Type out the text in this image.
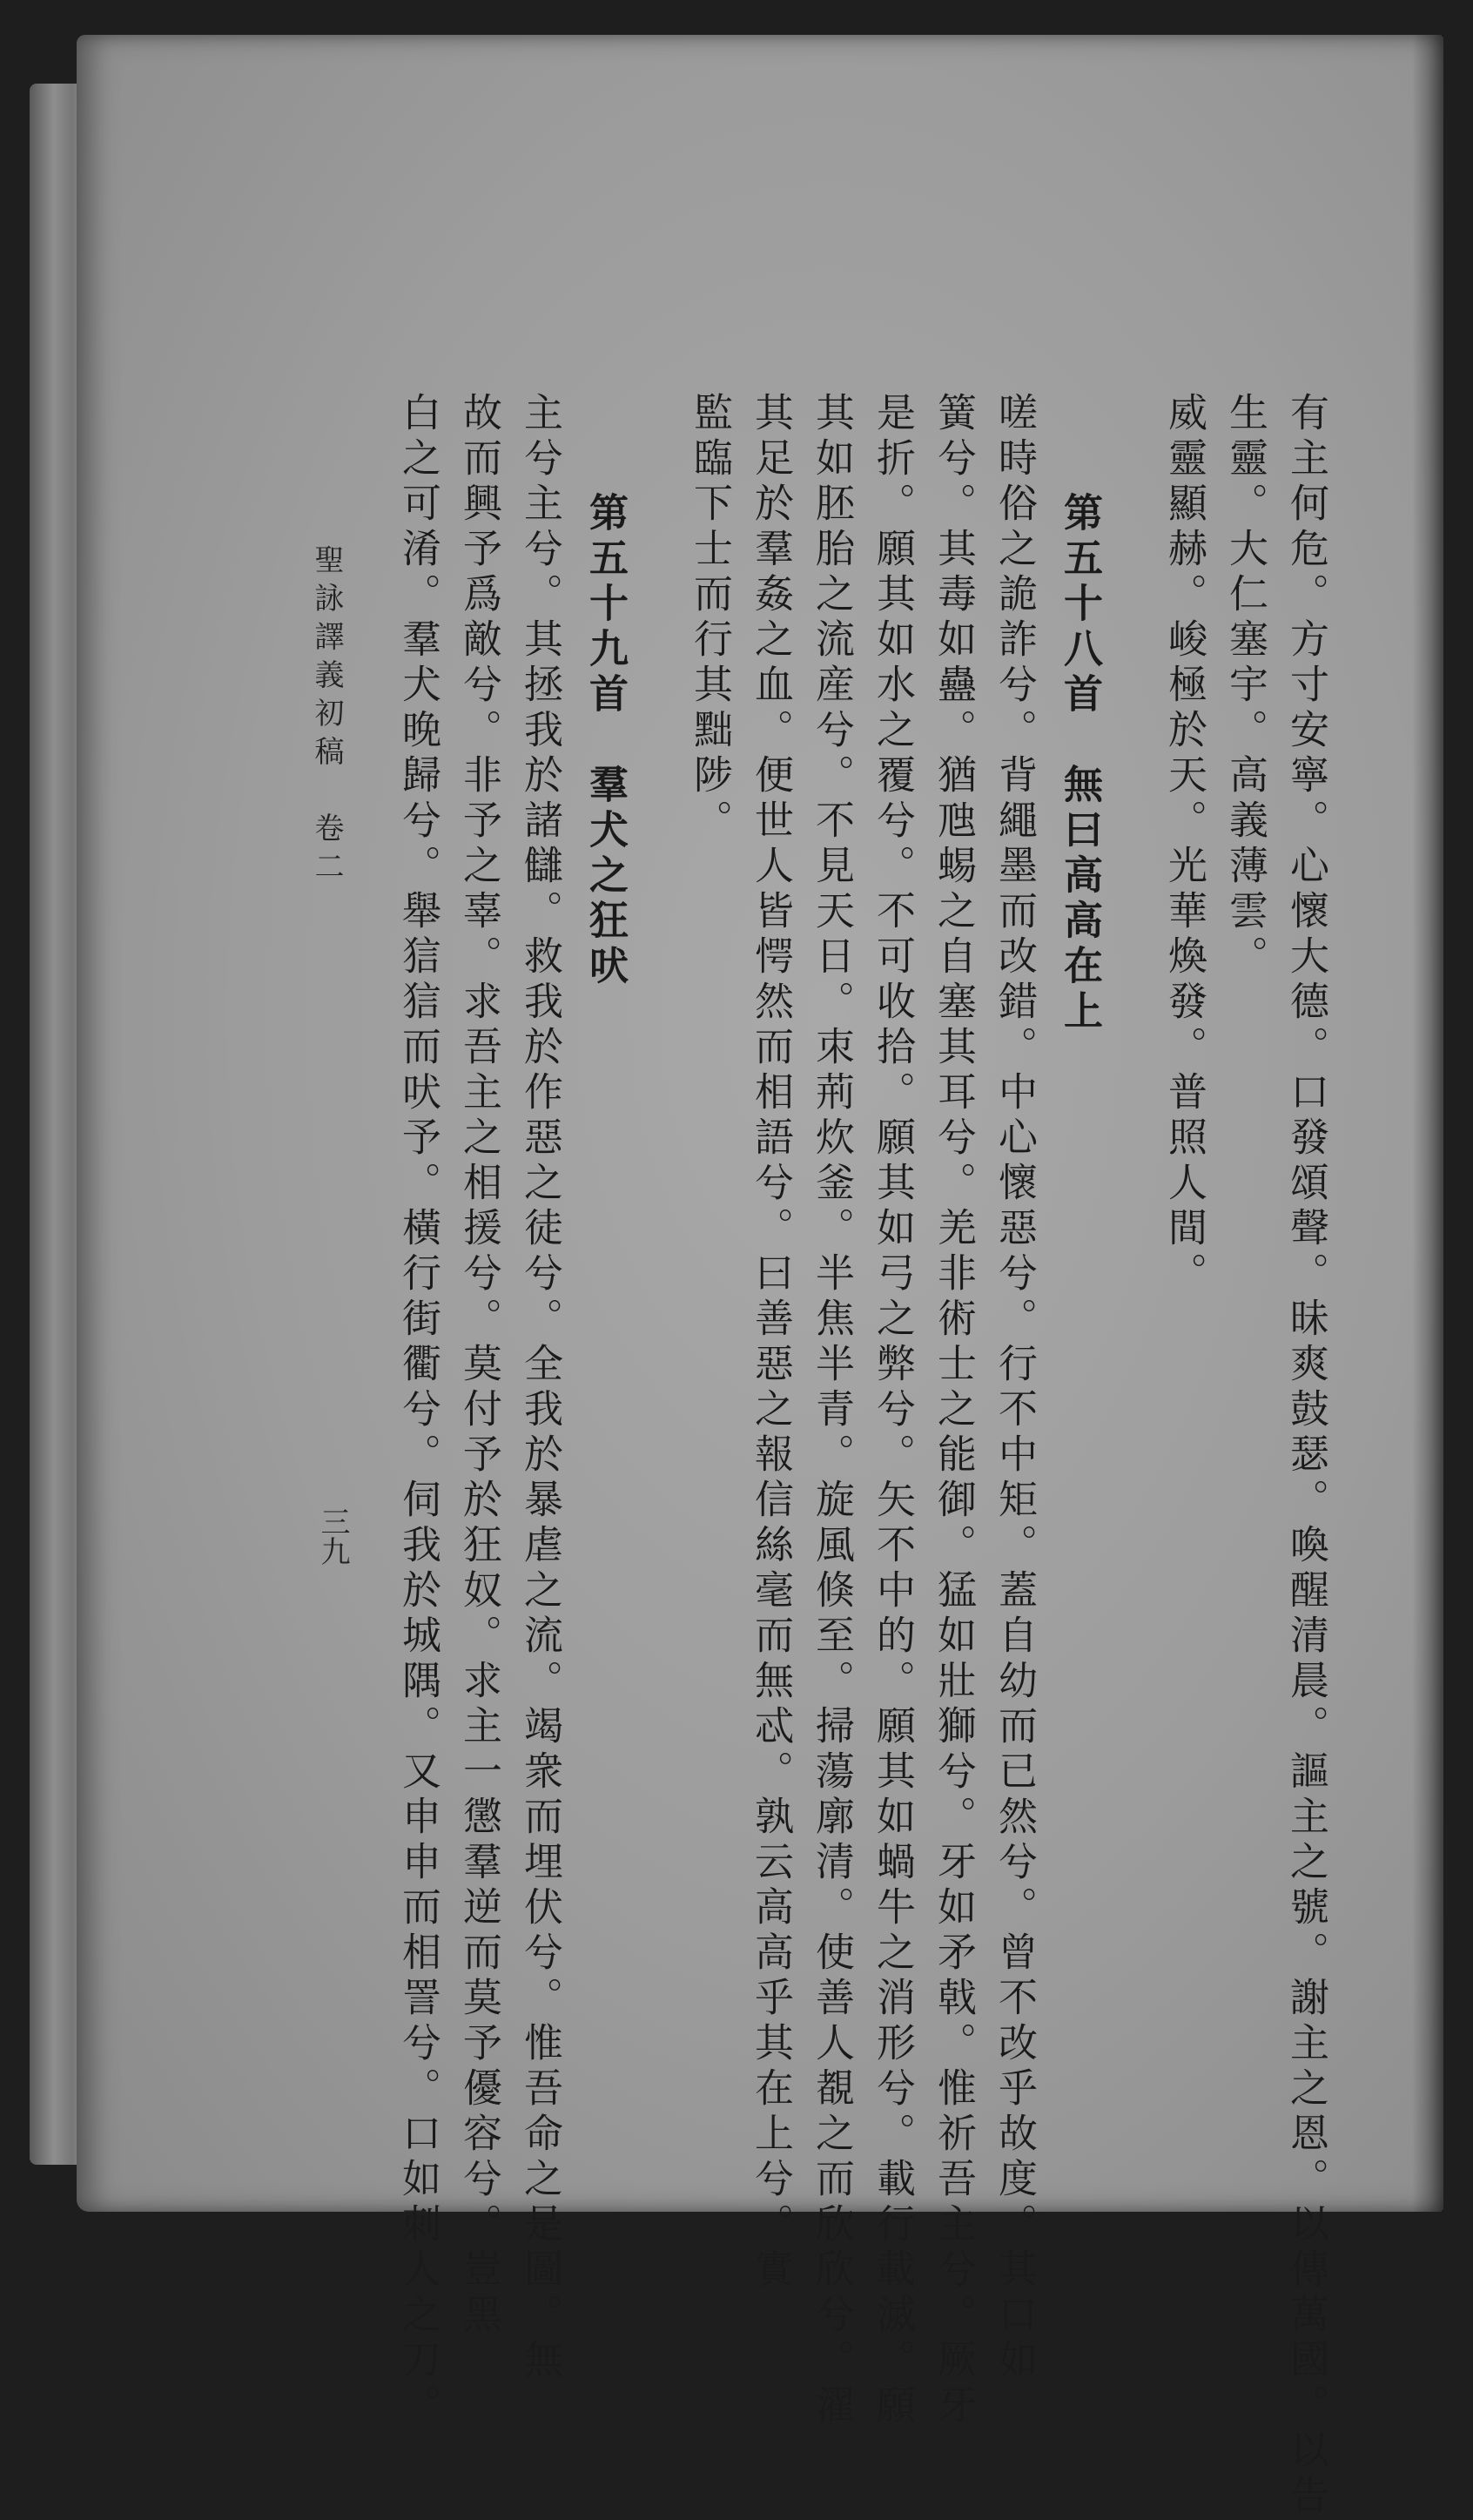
有主何危。方寸安寧。心懷大德。口發頌聲。昧爽鼓瑟。喚醒清晨。謳主之號。謝主之恩。以傳萬國。以告
生靈。大仁塞宇。高義薄雲。
威靈顯赫。峻極於天。光華煥發。普照人間。
第五十八首　無曰高高在上
嗟時俗之詭詐兮。背繩墨而改錯。中心懷惡兮。行不中矩。蓋自幼而已然兮。曾不改乎故度。其口如
簧兮。其毒如蠱。猶虺蜴之自塞其耳兮。羌非術士之能御。猛如壯獅兮。牙如矛戟。惟祈吾主兮。厥牙
是折。願其如水之覆兮。不可收拾。願其如弓之弊兮。矢不中的。願其如蝸牛之消形兮。載行載滅。願
其如胚胎之流産兮。不見天日。朿荊炊釜。半焦半青。旋風倏至。掃蕩廓清。使善人覩之而欣欣兮。濯
其足於羣姦之血。便世人皆愕然而相語兮。曰善惡之報信絲毫而無忒。孰云高高乎其在上兮。實
監臨下士而行其黜陟。
第五十九首　羣犬之狂吠
主兮主兮。其拯我於諸讎。救我於作惡之徒兮。全我於暴虐之流。竭衆而埋伏兮。惟吾命之是圖。無
故而興予爲敵兮。非予之辜。求吾主之相援兮。莫付予於狂奴。求主一懲羣逆而莫予優容兮。豈黑
白之可淆。羣犬晚歸兮。舉狺狺而吠予。橫行街衢兮。伺我於城隅。又申申而相詈兮。口如刺人之刀。
聖詠譯義初稿　卷二
三九
